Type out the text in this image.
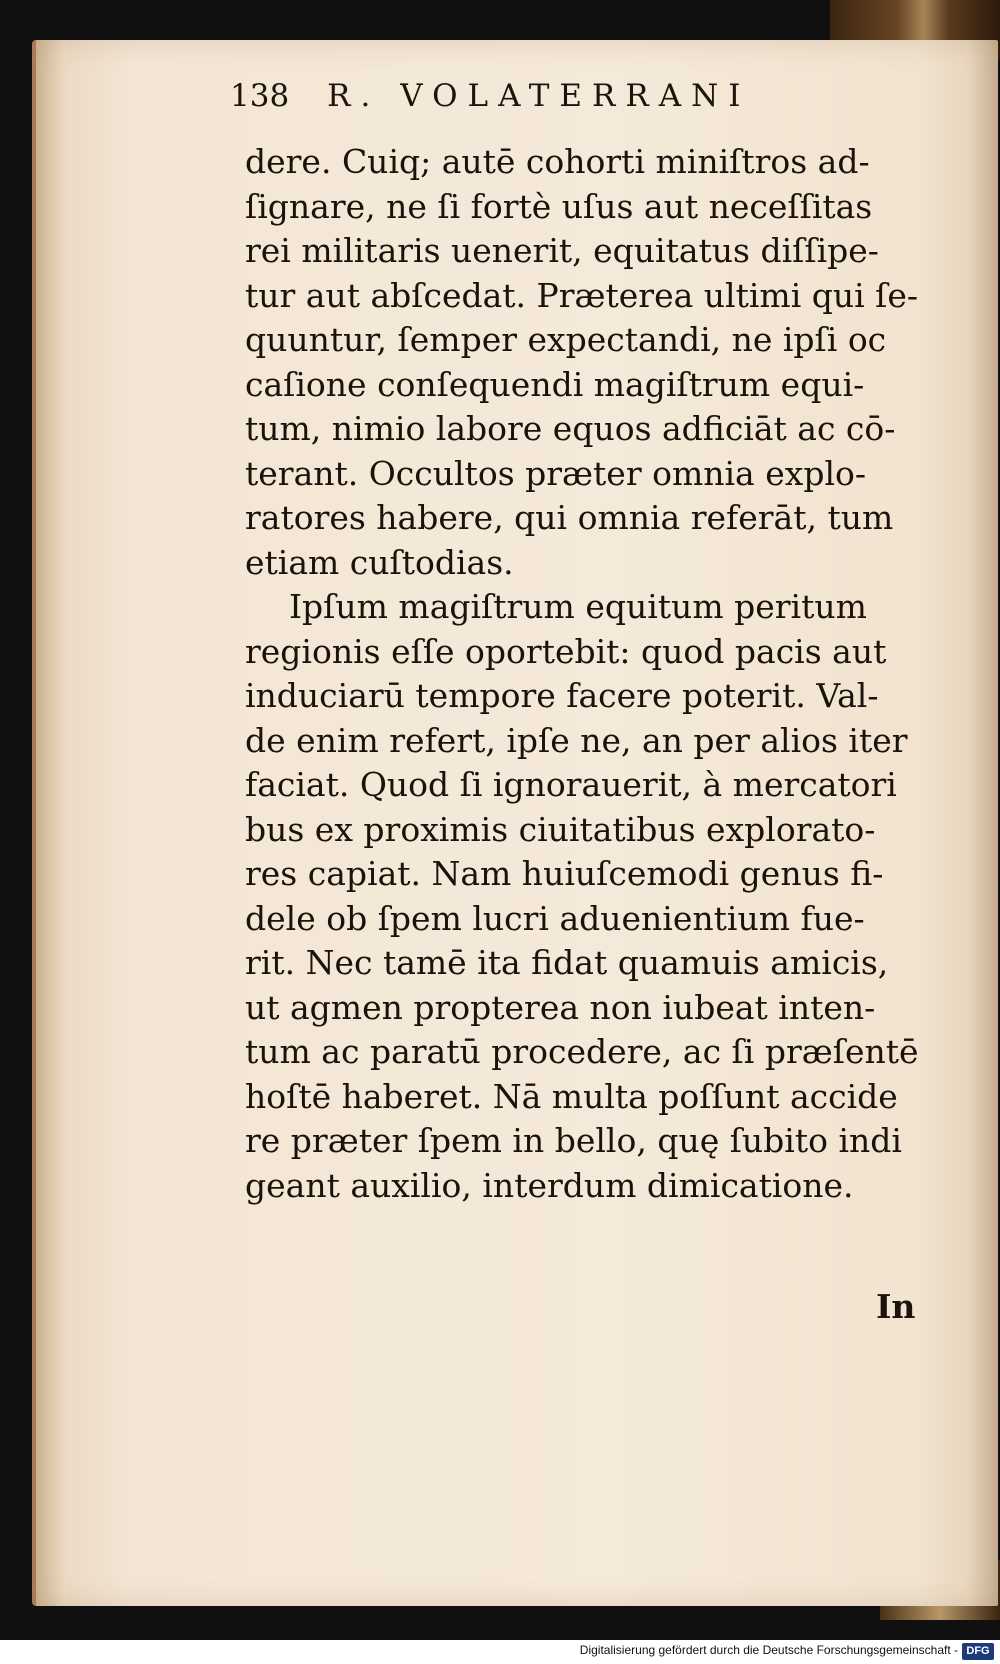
138 R. VOLATERRANI
dere. Cuiq; autē cohorti miniſtros ad-
ſignare, ne ſi fortè uſus aut neceſſitas
rei militaris uenerit, equitatus diſſipe-
tur aut abſcedat. Præterea ultimi qui ſe-
quuntur, ſemper expectandi, ne ipſi oc
caſione conſequendi magiſtrum equi-
tum, nimio labore equos adficiāt ac cō-
terant. Occultos præter omnia explo-
ratores habere, qui omnia referāt, tum
etiam cuſtodias.
Ipſum magiſtrum equitum peritum
regionis eſſe oportebit: quod pacis aut
induciarū tempore facere poterit. Val-
de enim refert, ipſe ne, an per alios iter
faciat. Quod ſi ignorauerit, à mercatori
bus ex proximis ciuitatibus explorato-
res capiat. Nam huiuſcemodi genus fi-
dele ob ſpem lucri aduenientium fue-
rit. Nec tamē ita fidat quamuis amicis,
ut agmen propterea non iubeat inten-
tum ac paratū procedere, ac ſi præſentē
hoſtē haberet. Nā multa poſſunt accide
re præter ſpem in bello, quę ſubito indi
geant auxilio, interdum dimicatione.
In
Digitalisierung gefördert durch die Deutsche Forschungsgemeinschaft - DFG
